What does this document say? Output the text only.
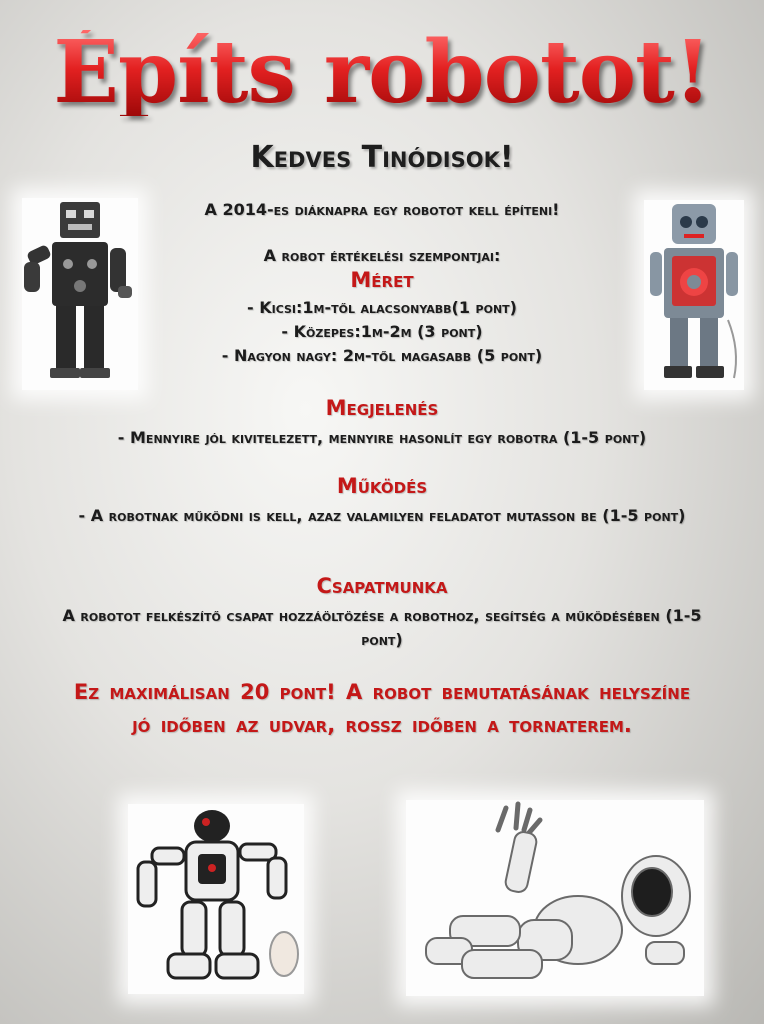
Építs robotot!
Kedves Tinódisok!
A 2014-es diáknapra egy robotot kell építeni!
A robot értékelési szempontjai:
Méret
- Kicsi:1m-től alacsonyabb(1 pont)
- Közepes:1m-2m (3 pont)
- Nagyon nagy: 2m-től magasabb (5 pont)
Megjelenés
- Mennyire jól kivitelezett, mennyire hasonlít egy robotra (1-5 pont)
Működés
- A robotnak működni is kell, azaz valamilyen feladatot mutasson be (1-5 pont)
Csapatmunka
A robotot felkészítő csapat hozzáöltözése a robothoz, segítség a működésében (1-5 pont)
Ez maximálisan 20 pont! A robot bemutatásának helyszíne jó időben az udvar, rossz időben a tornaterem.
